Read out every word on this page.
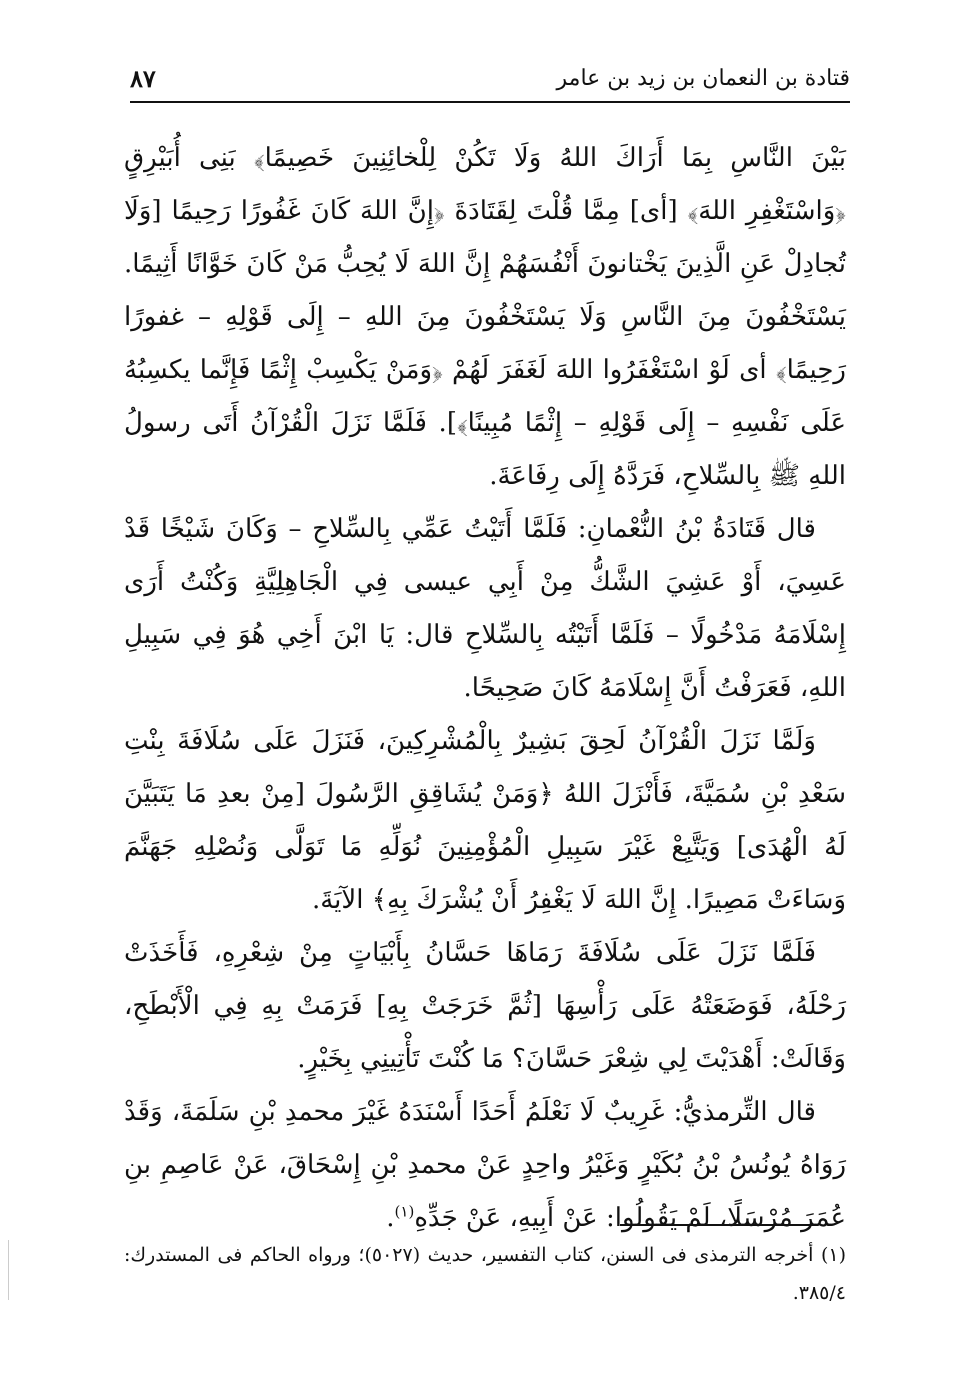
قتادة بن النعمان بن زيد بن عامر
٨٧

بَيْنَ النَّاسِ بِمَا أَرَاكَ اللهُ وَلَا تَكُنْ لِلْخائِنِينَ خَصِيمًا﴾ بَنِى أُبَيْرِقٍ ﴿وَاسْتَغْفِرِ اللهَ﴾ [أى] مِمَّا قُلْتَ لِقَتَادَةَ ﴿إِنَّ اللهَ كَانَ غَفُورًا رَحِيمًا [وَلَا تُجادِلْ عَنِ الَّذِينَ يَخْتانونَ أَنْفُسَهُمْ إِنَّ اللهَ لَا يُحِبُّ مَنْ كَانَ خَوَّانًا أَثِيمًا. يَسْتَخْفُونَ مِنَ النَّاسِ وَلَا يَسْتَخْفُونَ مِنَ اللهِ – إِلَى قَوْلِهِ – غفورًا رَحِيمًا﴾ أى لَوْ اسْتَغْفَرُوا اللهَ لَغَفَرَ لَهُمْ ﴿وَمَنْ يَكْسِبْ إِثْمًا فَإِنَّما يكسِبُهُ عَلَى نَفْسِهِ – إِلَى قَوْلِهِ – إِثْمًا مُبِينًا﴾]. فَلَمَّا نَزَلَ الْقُرْآنُ أَتَى رسولُ اللهِ ﷺ بِالسِّلاحِ، فَرَدَّهُ إِلَى رِفَاعَةَ.

قال قَتَادَةُ بْنُ النُّعْمانِ: فَلَمَّا أَتَيْتُ عَمِّي بِالسِّلاحِ – وَكَانَ شَيْخًا قَدْ عَسِيَ، أَوْ عَشِيَ الشَّكُّ مِنْ أَبِي عيسى فِي الْجَاهِلِيَّةِ وَكُنْتُ أَرَى إِسْلَامَهُ مَدْخُولًا – فَلَمَّا أَتَيْتُه بِالسِّلاحِ قال: يَا ابْنَ أَخِي هُوَ فِي سَبِيلِ اللهِ، فَعَرَفْتُ أَنَّ إِسْلَامَهُ كَانَ صَحِيحًا.

وَلَمَّا نَزَلَ الْقُرْآنُ لَحِقَ بَشِيرٌ بِالْمُشْرِكِينَ، فَنَزَلَ عَلَى سُلَافَةَ بِنْتِ سَعْدِ بْنِ سُمَيَّةَ، فَأَنْزَلَ اللهُ ﴿وَمَنْ يُشَاقِقِ الرَّسُولَ [مِنْ بعدِ مَا يَتَبَيَّنَ لَهُ الْهُدَى] وَيَتَّبِعْ غَيْرَ سَبِيلِ الْمُؤْمِنِينَ نُوَلِّهِ مَا تَوَلَّى وَنُصْلِهِ جَهَنَّمَ وَسَاءَتْ مَصِيرًا. إِنَّ اللهَ لَا يَغْفِرُ أَنْ يُشْرَكَ بِهِ﴾ الآيَةَ.

فَلَمَّا نَزَلَ عَلَى سُلَافَةَ رَمَاهَا حَسَّانُ بِأَبْيَاتٍ مِنْ شِعْرِهِ، فَأَخَذَتْ رَحْلَهُ، فَوَضَعَتْهُ عَلَى رَأْسِهَا [ثُمَّ خَرَجَتْ بِهِ] فَرَمَتْ بِهِ فِي الْأَبْطَحِ، وَقَالَتْ: أَهْدَيْتَ لِي شِعْرَ حَسَّانَ؟ مَا كُنْتَ تَأْتِينِي بِخَيْرٍ.

قال التِّرمذيُّ: غَرِيبٌ لَا نَعْلَمُ أَحَدًا أَسْنَدَهُ غَيْرَ محمدِ بْنِ سَلَمَةَ، وَقَدْ رَوَاهُ يُونُسُ بْنُ بُكَيْرٍ وَغَيْرُ واحِدٍ عَنْ محمدِ بْنِ إِسْحَاقَ، عَنْ عَاصِمِ بنِ عُمَرَ مُرْسَلًا، لَمْ يَقُولُوا: عَنْ أَبِيهِ، عَنْ جَدِّهِ$^{(١)}$.

(١) أخرجه الترمذى فى السنن، كتاب التفسير، حديث (٥٠٢٧)؛ ورواه الحاكم فى المستدرك: ٣٨٥/٤.
